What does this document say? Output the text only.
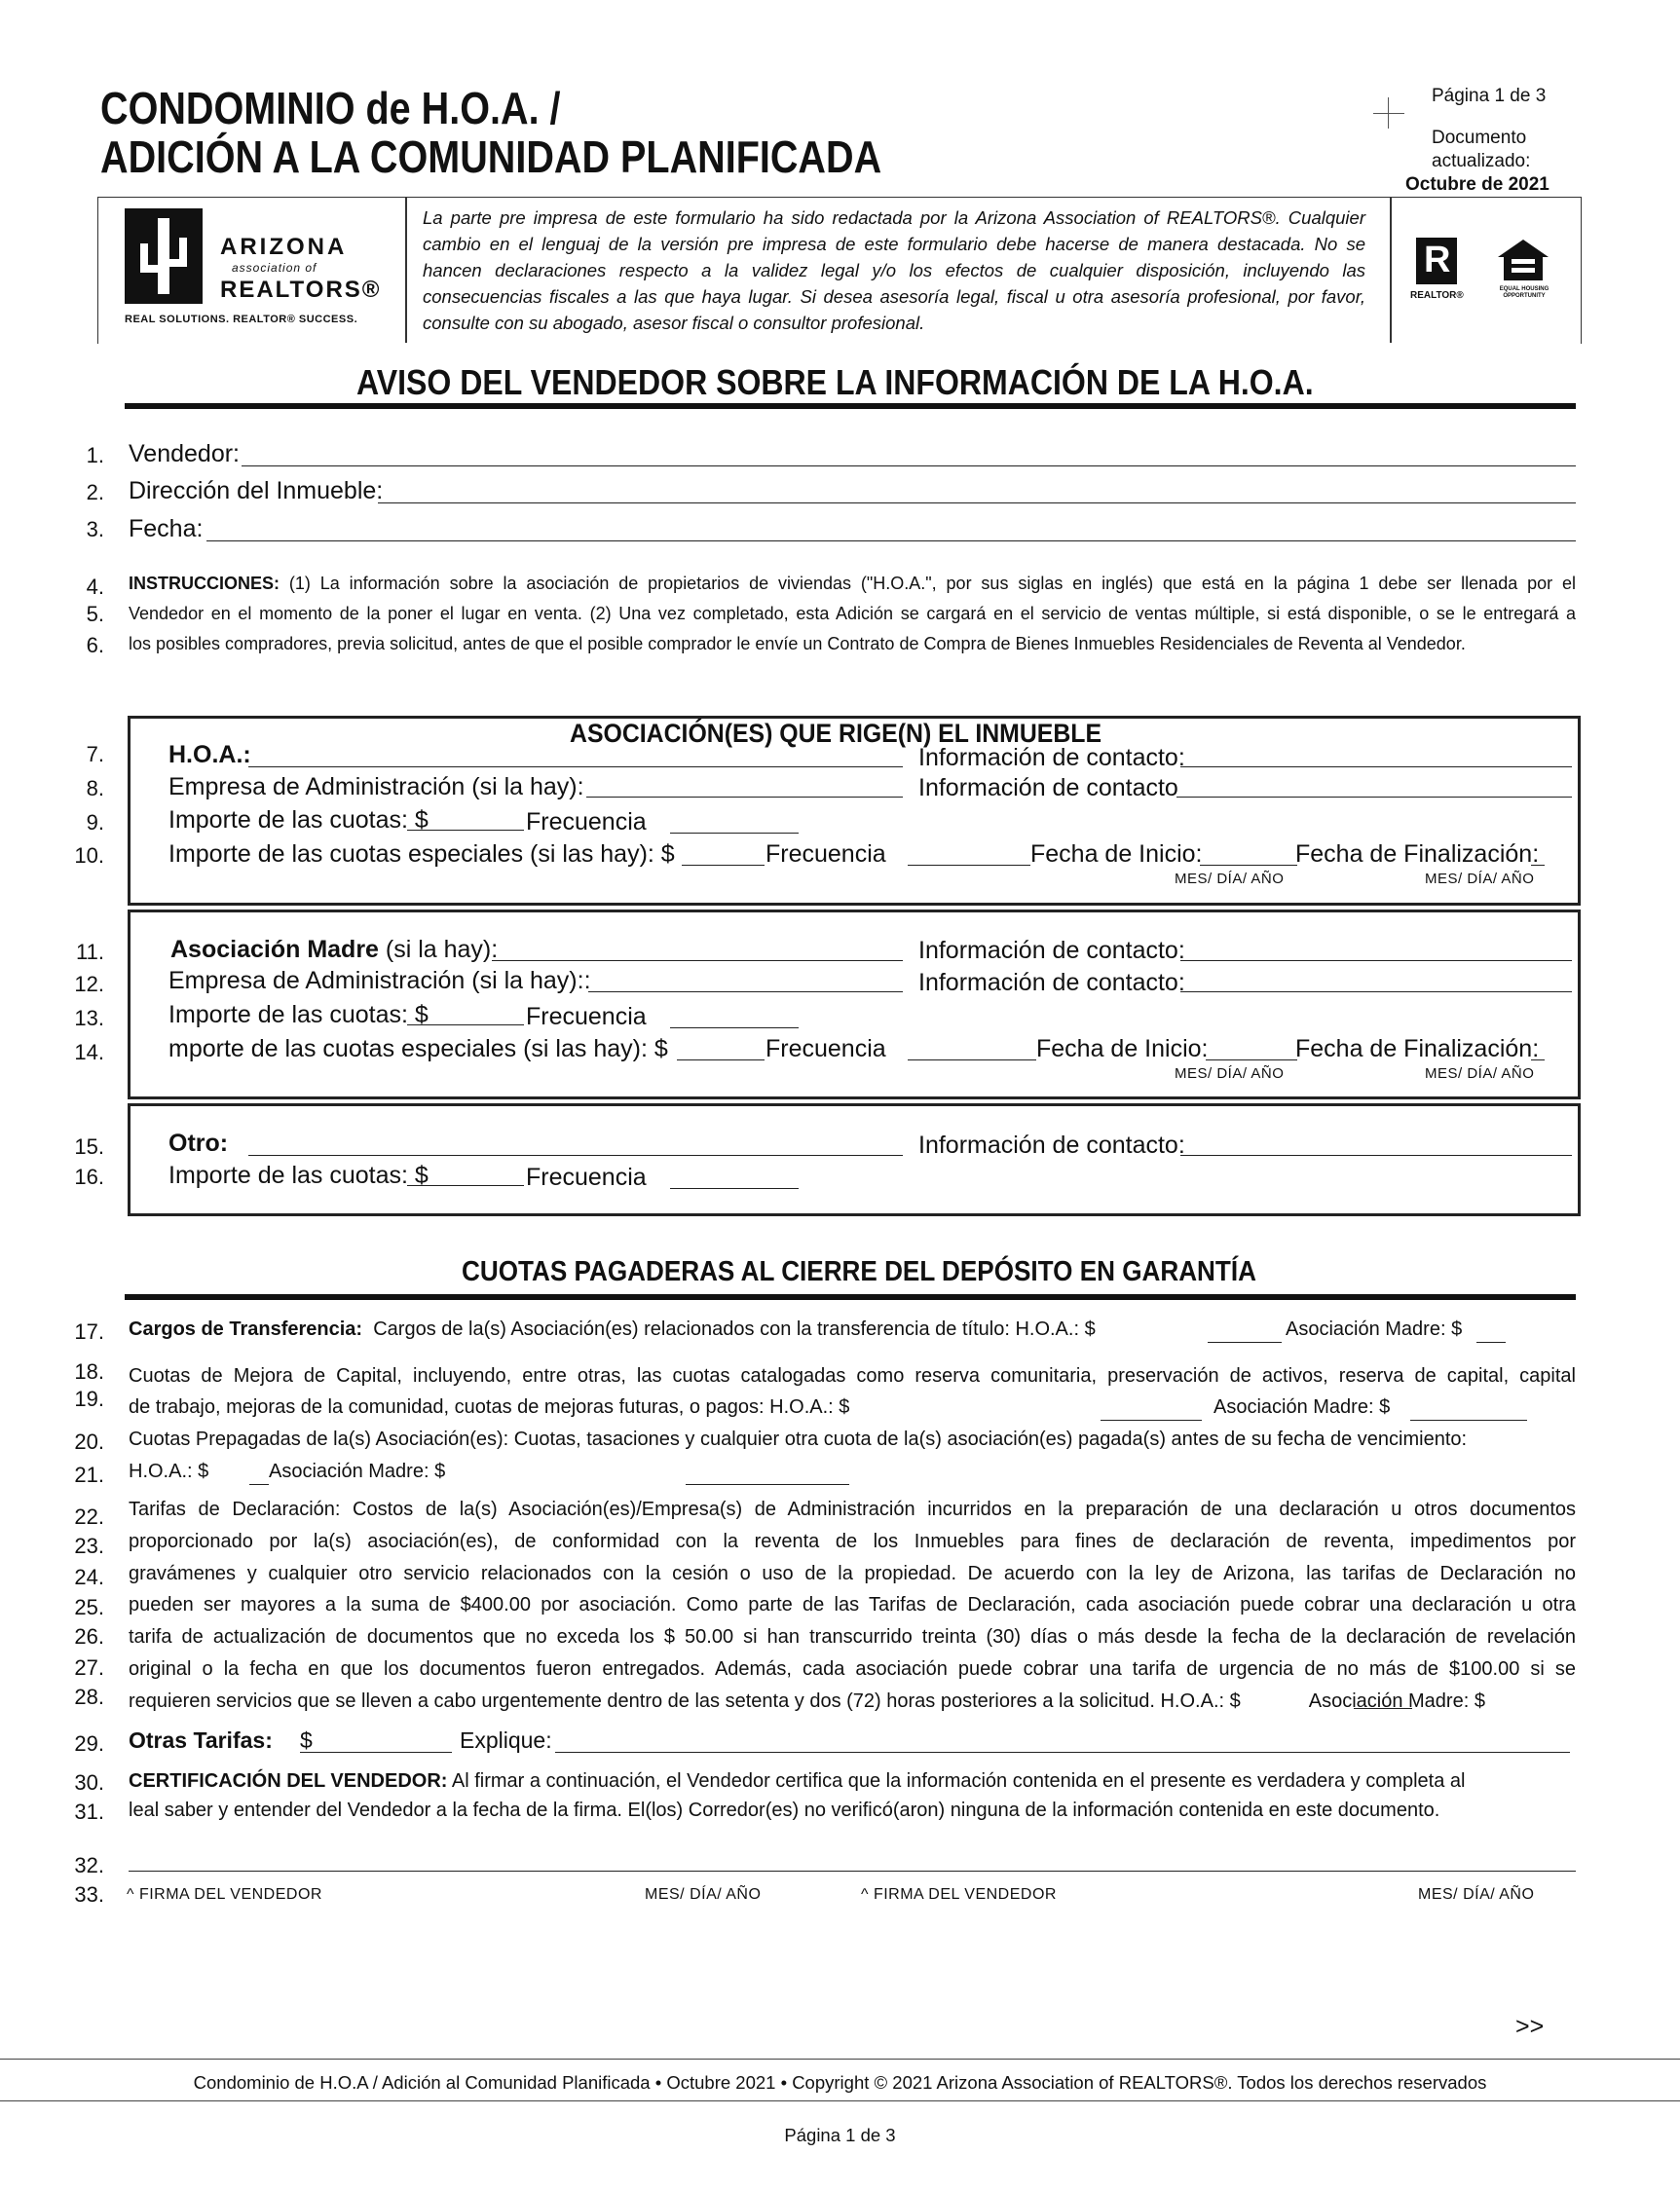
CONDOMINIO de H.O.A. /
ADICIÓN A LA COMUNIDAD PLANIFICADA
Página 1 de 3
Documento
actualizado:
Octubre de 2021
ARIZONA
association of
REALTORS®
REAL SOLUTIONS. REALTOR® SUCCESS.
La parte pre impresa de este formulario ha sido redactada por la Arizona Association of REALTORS®. Cualquier
cambio en el lenguaj de la versión pre impresa de este formulario debe hacerse de manera destacada. No se
hancen declaraciones respecto a la validez legal y/o los efectos de cualquier disposición, incluyendo las
consecuencias fiscales a las que haya lugar. Si desea asesoría legal, fiscal u otra asesoría profesional, por favor,
consulte con su abogado, asesor fiscal o consultor profesional.
R
REALTOR®
EQUAL HOUSING OPPORTUNITY
AVISO DEL VENDEDOR SOBRE LA INFORMACIÓN DE LA H.O.A.
1. Vendedor:
2. Dirección del Inmueble:
3. Fecha:
4.
5.
6.
INSTRUCCIONES: (1) La información sobre la asociación de propietarios de viviendas ("H.O.A.", por sus siglas en inglés) que está en la página 1 debe ser llenada por el
Vendedor en el momento de la poner el lugar en venta. (2) Una vez completado, esta Adición se cargará en el servicio de ventas múltiple, si está disponible, o se le entregará a
los posibles compradores, previa solicitud, antes de que el posible comprador le envíe un Contrato de Compra de Bienes Inmuebles Residenciales de Reventa al Vendedor.
ASOCIACIÓN(ES) QUE RIGE(N) EL INMUEBLE
7.	H.O.A.:	Información de contacto:
8.	Empresa de Administración (si la hay):	Información de contacto
9.	Importe de las cuotas: $	Frecuencia
10.	Importe de las cuotas especiales (si las hay): $	Frecuencia	Fecha de Inicio:	Fecha de Finalización:
MES/ DÍA/ AÑO	MES/ DÍA/ AÑO
11.	Asociación Madre (si la hay):	Información de contacto:
12.	Empresa de Administración (si la hay)::	Información de contacto:
13.	Importe de las cuotas: $	Frecuencia
14.	mporte de las cuotas especiales (si las hay): $	Frecuencia	Fecha de Inicio:	Fecha de Finalización:
MES/ DÍA/ AÑO	MES/ DÍA/ AÑO
15.	Otro:	Información de contacto:
16.	Importe de las cuotas: $	Frecuencia
CUOTAS PAGADERAS AL CIERRE DEL DEPÓSITO EN GARANTÍA
17. Cargos de Transferencia: Cargos de la(s) Asociación(es) relacionados con la transferencia de título: H.O.A.: $	Asociación Madre: $
18.
19.
Cuotas de Mejora de Capital, incluyendo, entre otras, las cuotas catalogadas como reserva comunitaria, preservación de activos, reserva de capital, capital
de trabajo, mejoras de la comunidad, cuotas de mejoras futuras, o pagos: H.O.A.: $	Asociación Madre: $
20.
21.
Cuotas Prepagadas de la(s) Asociación(es): Cuotas, tasaciones y cualquier otra cuota de la(s) asociación(es) pagada(s) antes de su fecha de vencimiento:
H.O.A.: $	Asociación Madre: $
22.
23.
24.
25.
26.
27.
28.
Tarifas de Declaración: Costos de la(s) Asociación(es)/Empresa(s) de Administración incurridos en la preparación de una declaración u otros documentos
proporcionado por la(s) asociación(es), de conformidad con la reventa de los Inmuebles para fines de declaración de reventa, impedimentos por
gravámenes y cualquier otro servicio relacionados con la cesión o uso de la propiedad. De acuerdo con la ley de Arizona, las tarifas de Declaración no
pueden ser mayores a la suma de $400.00 por asociación. Como parte de las Tarifas de Declaración, cada asociación puede cobrar una declaración u otra
tarifa de actualización de documentos que no exceda los $ 50.00 si han transcurrido treinta (30) días o más desde la fecha de la declaración de revelación
original o la fecha en que los documentos fueron entregados. Además, cada asociación puede cobrar una tarifa de urgencia de no más de $100.00 si se
requieren servicios que se lleven a cabo urgentemente dentro de las setenta y dos (72) horas posteriores a la solicitud. H.O.A.: $	Asociación Madre: $
29. Otras Tarifas: $	Explique:
30.
31.
CERTIFICACIÓN DEL VENDEDOR: Al firmar a continuación, el Vendedor certifica que la información contenida en el presente es verdadera y completa al
leal saber y entender del Vendedor a la fecha de la firma. El(los) Corredor(es) no verificó(aron) ninguna de la información contenida en este documento.
32.
33. ^ FIRMA DEL VENDEDOR	MES/ DÍA/ AÑO	^ FIRMA DEL VENDEDOR	MES/ DÍA/ AÑO
>>
Condominio de H.O.A / Adición al Comunidad Planificada • Octubre 2021 • Copyright © 2021 Arizona Association of REALTORS®. Todos los derechos reservados
Página 1 de 3
